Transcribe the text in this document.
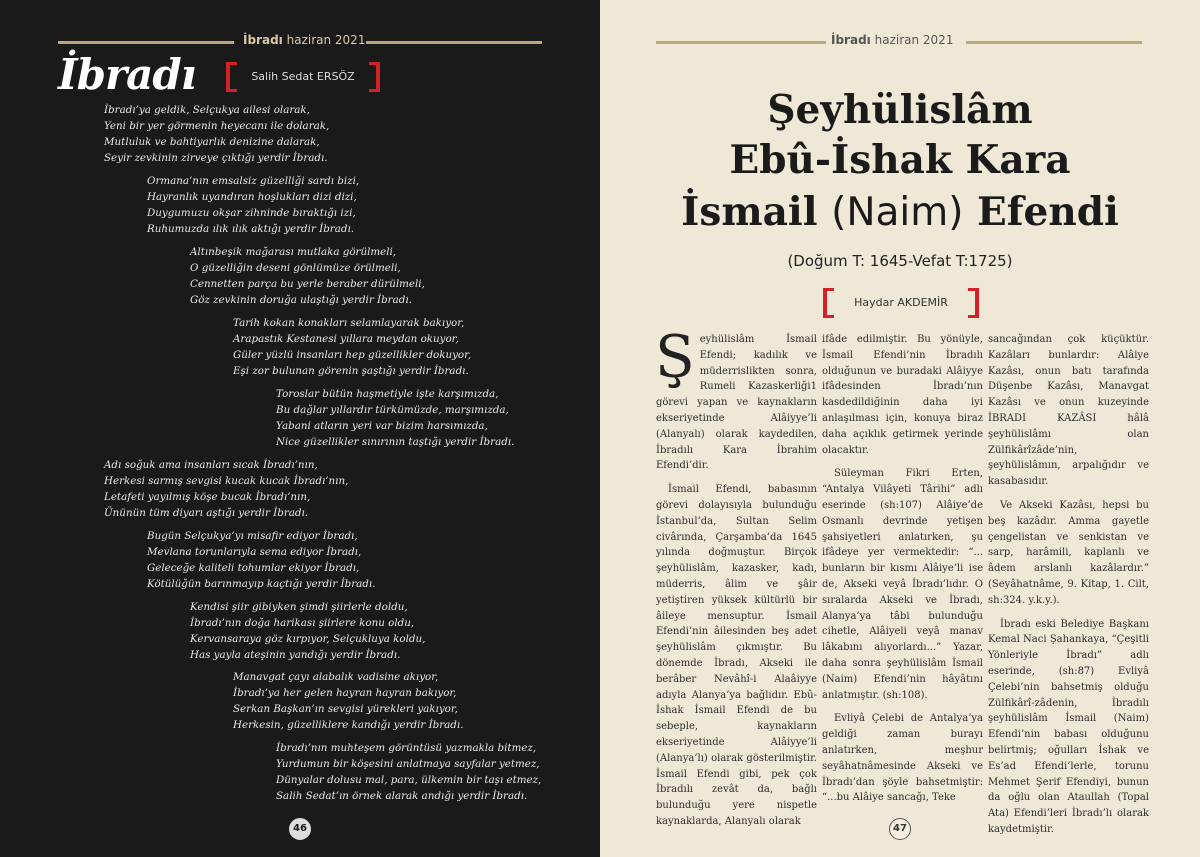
İbradı haziran 2021
İbradı	Salih Sedat ERSÖZ
İbradı’ya geldik, Selçukya ailesi olarak,
Yeni bir yer görmenin heyecanı ile dolarak,
Mutluluk ve bahtiyarlık denizine dalarak,
Seyir zevkinin zirveye çıktığı yerdir İbradı.
Ormana’nın emsalsiz güzelliği sardı bizi,
Hayranlık uyandıran hoşlukları dizi dizi,
Duygumuzu okşar zihninde bıraktığı izi,
Ruhumuzda ılık ılık aktığı yerdir İbradı.
Altınbeşik mağarası mutlaka görülmeli,
O güzelliğin deseni gönlümüze örülmeli,
Cennetten parça bu yerle beraber dürülmeli,
Göz zevkinin doruğa ulaştığı yerdir İbradı.
Tarih kokan konakları selamlayarak bakıyor,
Arapastık Kestanesi yıllara meydan okuyor,
Güler yüzlü insanları hep güzellikler dokuyor,
Eşi zor bulunan görenin şaştığı yerdir İbradı.
Toroslar bütün haşmetiyle işte karşımızda,
Bu dağlar yıllardır türkümüzde, marşımızda,
Yabani atların yeri var bizim harsımızda,
Nice güzellikler sınırının taştığı yerdir İbradı.
Adı soğuk ama insanları sıcak İbradı’nın,
Herkesi sarmış sevgisi kucak kucak İbradı’nın,
Letafeti yayılmış köşe bucak İbradı’nın,
Ününün tüm diyarı aştığı yerdir İbradı.
Bugün Selçukya’yı misafir ediyor İbradı,
Mevlana torunlarıyla sema ediyor İbradı,
Geleceğe kaliteli tohumlar ekiyor İbradı,
Kötülüğün barınmayıp kaçtığı yerdir İbradı.
Kendisi şiir gibiyken şimdi şiirlerle doldu,
İbradı’nın doğa harikası şiirlere konu oldu,
Kervansaraya göz kırpıyor, Selçukluya koldu,
Has yayla ateşinin yandığı yerdir İbradı.
Manavgat çayı alabalık vadisine akıyor,
İbradı’ya her gelen hayran hayran bakıyor,
Serkan Başkan’ın sevgisi yürekleri yakıyor,
Herkesin, güzelliklere kandığı yerdir İbradı.
İbradı’nın muhteşem görüntüsü yazmakla bitmez,
Yurdumun bir köşesini anlatmaya sayfalar yetmez,
Dünyalar dolusu mal, para, ülkemin bir taşı etmez,
Salih Sedat’ın örnek alarak andığı yerdir İbradı.
46
İbradı haziran 2021
Şeyhülislâm
Ebû-İshak Kara
İsmail (Naim) Efendi
(Doğum T: 1645-Vefat T:1725)
Haydar AKDEMİR

Şeyhülislâm İsmail Efendi; kadılık ve müderrislikten sonra, Rumeli Kazaskerliği1 görevi yapan ve kaynakların ekseriyetinde Alâiyye’li (Alanyalı) olarak kaydedilen, İbradılı Kara İbrahim Efendi’dir.

İsmail Efendi, babasının görevi dolayısıyla bulunduğu İstanbul’da, Sultan Selim civârında, Çarşamba’da 1645 yılında doğmuştur. Birçok şeyhülislâm, kazasker, kadı, müderris, âlim ve şâir yetiştiren yüksek kültürlü bir âileye mensuptur. İsmail Efendi’nin âilesinden beş adet şeyhülislâm çıkmıştır. Bu dönemde İbradı, Akseki ile berâber Nevâhî-i Alaâiyye adıyla Alanya’ya bağlıdır. Ebû-İshak İsmail Efendi de bu sebeple, kaynakların ekseriyetinde Alâiyye’li (Alanya’lı) olarak gösterilmiştir. İsmail Efendi gibi, pek çok İbradılı zevât da, bağlı bulunduğu yere nispetle kaynaklarda, Alanyalı olarak

ifâde edilmiştir. Bu yönüyle, İsmail Efendi’nin İbradılı olduğunun ve buradaki Alâiyye ifâdesinden İbradı’nın kasdedildiğinin daha iyi anlaşılması için, konuya biraz daha açıklık getirmek yerinde olacaktır.

Süleyman Fikri Erten, “Antalya Vilâyeti Târihi” adlı eserinde (sh:107) Alâiye’de Osmanlı devrinde yetişen şahsiyetleri anlatırken, şu ifâdeye yer vermektedir: “... bunların bir kısmı Alâiye’li ise de, Akseki veyâ İbradı’lıdır. O sıralarda Akseki ve İbradı, Alanya’ya tâbi bulunduğu cihetle, Alâiyeli veyâ manav lâkabını alıyorlardı...” Yazar, daha sonra şeyhülislâm İsmail (Naim) Efendi’nin hâyâtını anlatmıştır. (sh:108).

Evliyâ Çelebi de Antalya’ya geldiği zaman burayı anlatırken, meşhur seyâhatnâmesinde Akseki ve İbradı’dan şöyle bahsetmiştir: “...bu Alâiye sancağı, Teke

sancağından çok küçüktür. Kazâları bunlardır: Alâiye Kazâsı, onun batı tarafında Düşenbe Kazâsı, Manavgat Kazâsı ve onun kuzeyinde İBRADI KAZÂSI hâlâ şeyhülislâmı olan Zülfikârîzâde’nin, şeyhülislâmın, arpalığıdır ve kasabasıdır.

Ve Akseki Kazâsı, hepsi bu beş kazâdır. Amma gayetle çengelistan ve senkistan ve sarp, harâmili, kaplanlı ve âdem arslanlı kazâlardır.” (Seyâhatnâme, 9. Kitap, 1. Cilt, sh:324. y.k.y.).

İbradı eski Belediye Başkanı Kemal Naci Şahankaya, “Çeşitli Yönleriyle İbradı” adlı eserinde, (sh:87) Evliyâ Çelebi’nin bahsetmiş olduğu Zülfikârî-zâdenin, İbradılı şeyhülislâm İsmail (Naim) Efendi’nin babası olduğunu belirtmiş; oğulları İshak ve Es’ad Efendi’lerle, torunu Mehmet Şerif Efendiyi, bunun da oğlu olan Ataullah (Topal Ata) Efendi’leri İbradı’lı olarak kaydetmiştir.

47
